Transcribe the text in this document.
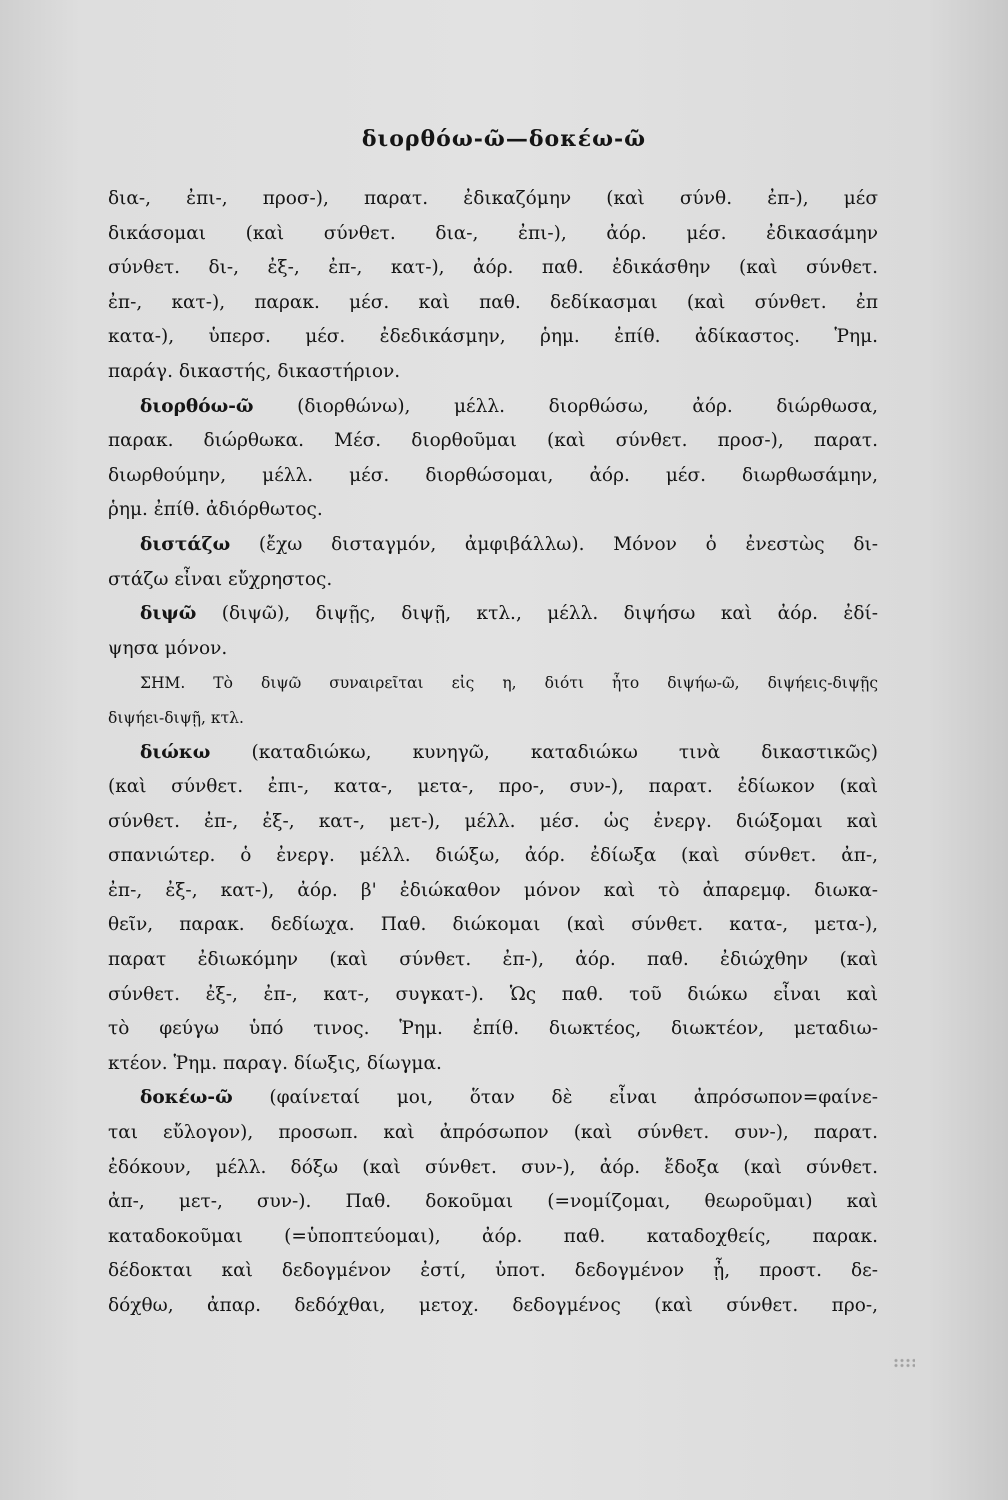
διορθόω-ῶ—δοκέω-ῶ
δια-, ἐπι-, προσ-), παρατ. ἐδικαζόμην (καὶ σύνθ. ἐπ-), μέσ
δικάσομαι (καὶ σύνθετ. δια-, ἐπι-), ἀόρ. μέσ. ἐδικασάμην
σύνθετ. δι-, ἐξ-, ἐπ-, κατ-), ἀόρ. παθ. ἐδικάσθην (καὶ σύνθετ.
ἐπ-, κατ-), παρακ. μέσ. καὶ παθ. δεδίκασμαι (καὶ σύνθετ. ἐπ
κατα-), ὑπερσ. μέσ. ἐδεδικάσμην, ῥημ. ἐπίθ. ἀδίκαστος. Ῥημ.
παράγ. δικαστής, δικαστήριον.
διορθόω-ῶ (διορθώνω), μέλλ. διορθώσω, ἀόρ. διώρθωσα,
παρακ. διώρθωκα. Μέσ. διορθοῦμαι (καὶ σύνθετ. προσ-), παρατ.
διωρθούμην, μέλλ. μέσ. διορθώσομαι, ἀόρ. μέσ. διωρθωσάμην,
ῥημ. ἐπίθ. ἀδιόρθωτος.
διστάζω (ἔχω δισταγμόν, ἀμφιβάλλω). Μόνον ὁ ἐνεστὼς δι-
στάζω εἶναι εὔχρηστος.
διψῶ (διψῶ), διψῇς, διψῇ, κτλ., μέλλ. διψήσω καὶ ἀόρ. ἐδί-
ψησα μόνον.
ΣΗΜ. Τὸ διψῶ συναιρεῖται εἰς η, διότι ἦτο διψήω-ῶ, διψήεις-διψῇς
διψήει-διψῇ, κτλ.
διώκω (καταδιώκω, κυνηγῶ, καταδιώκω τινὰ δικαστικῶς)
(καὶ σύνθετ. ἐπι-, κατα-, μετα-, προ-, συν-), παρατ. ἐδίωκον (καὶ
σύνθετ. ἐπ-, ἐξ-, κατ-, μετ-), μέλλ. μέσ. ὡς ἐνεργ. διώξομαι καὶ
σπανιώτερ. ὁ ἐνεργ. μέλλ. διώξω, ἀόρ. ἐδίωξα (καὶ σύνθετ. ἀπ-,
ἐπ-, ἐξ-, κατ-), ἀόρ. β' ἐδιώκαθον μόνον καὶ τὸ ἀπαρεμφ. διωκα-
θεῖν, παρακ. δεδίωχα. Παθ. διώκομαι (καὶ σύνθετ. κατα-, μετα-),
παρατ ἐδιωκόμην (καὶ σύνθετ. ἐπ-), ἀόρ. παθ. ἐδιώχθην (καὶ
σύνθετ. ἐξ-, ἐπ-, κατ-, συγκατ-). Ὡς παθ. τοῦ διώκω εἶναι καὶ
τὸ φεύγω ὑπό τινος. Ῥημ. ἐπίθ. διωκτέος, διωκτέον, μεταδιω-
κτέον. Ῥημ. παραγ. δίωξις, δίωγμα.
δοκέω-ῶ (φαίνεταί μοι, ὅταν δὲ εἶναι ἀπρόσωπον=φαίνε-
ται εὔλογον), προσωπ. καὶ ἀπρόσωπον (καὶ σύνθετ. συν-), παρατ.
ἐδόκουν, μέλλ. δόξω (καὶ σύνθετ. συν-), ἀόρ. ἔδοξα (καὶ σύνθετ.
ἀπ-, μετ-, συν-). Παθ. δοκοῦμαι (=νομίζομαι, θεωροῦμαι) καὶ
καταδοκοῦμαι (=ὑποπτεύομαι), ἀόρ. παθ. καταδοχθείς, παρακ.
δέδοκται καὶ δεδογμένον ἐστί, ὑποτ. δεδογμένον ᾖ, προστ. δε-
δόχθω, ἀπαρ. δεδόχθαι, μετοχ. δεδογμένος (καὶ σύνθετ. προ-,
